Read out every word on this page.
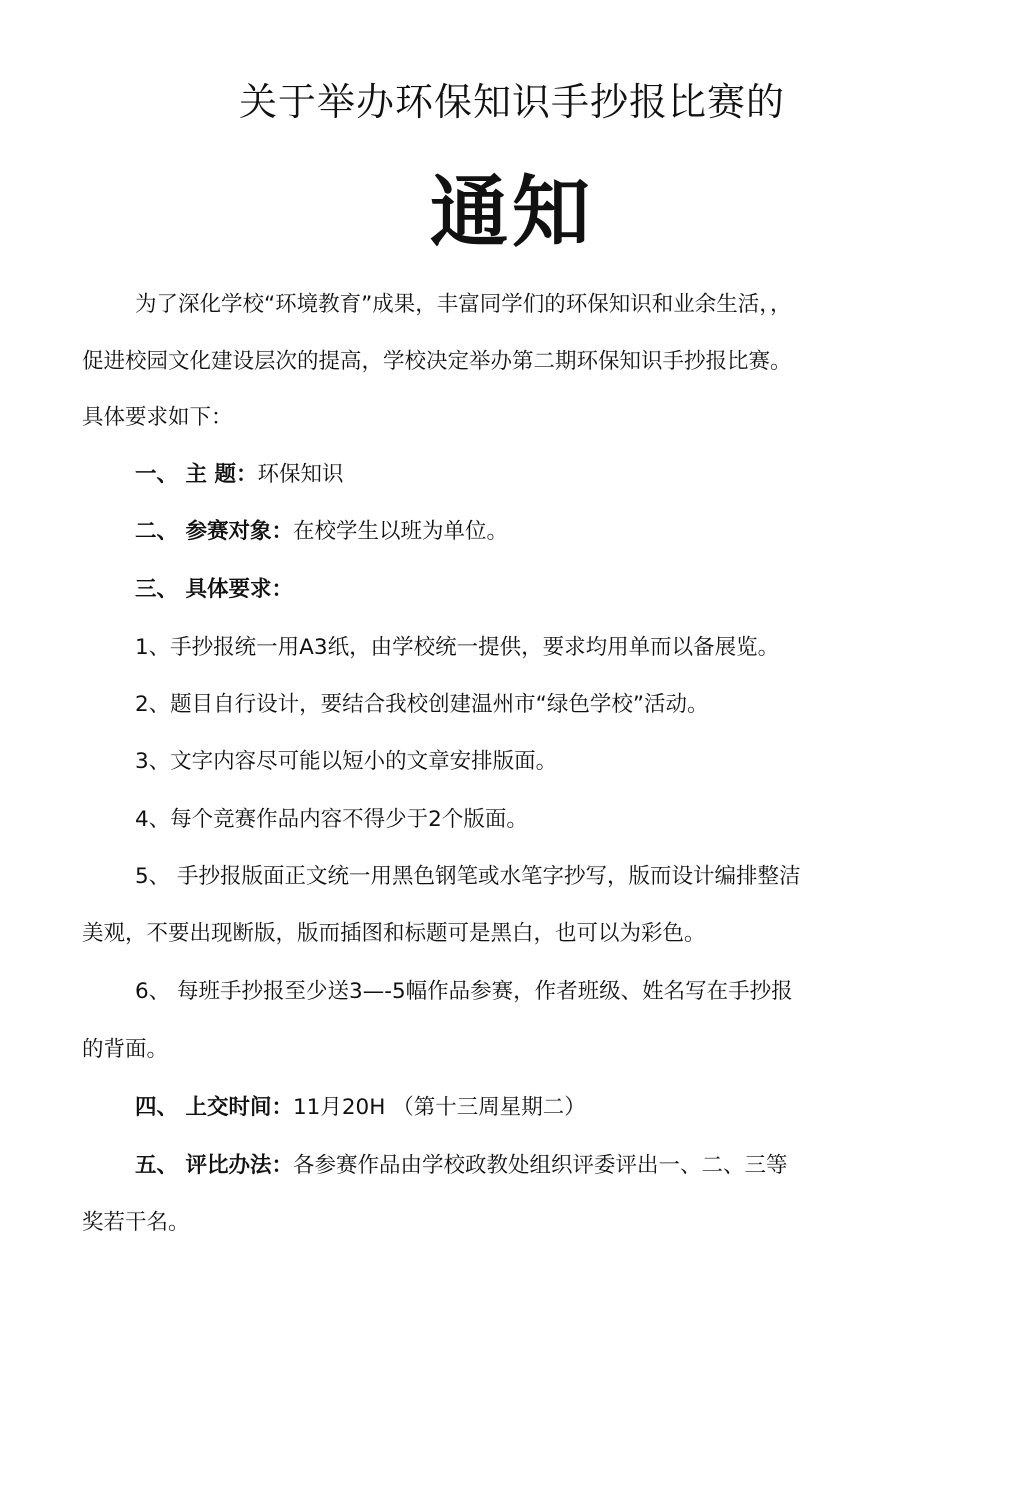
关于举办环保知识手抄报比赛的
通知

为了深化学校“环境教育”成果，丰富同学们的环保知识和业余生活，，

促进校园文化建设层次的提高，学校决定举办第二期环保知识手抄报比赛。

具体要求如下：

一、 主 题：环保知识

二、 参赛对象：在校学生以班为单位。

三、 具体要求：

1、手抄报统一用A3纸，由学校统一提供，要求均用单而以备展览。

2、题目自行设计，要结合我校创建温州市“绿色学校”活动。

3、文字内容尽可能以短小的文章安排版面。

4、每个竞赛作品内容不得少于2个版面。

5、 手抄报版面正文统一用黑色钢笔或水笔字抄写，版而设计编排整洁

美观，不要出现断版，版而插图和标题可是黑白，也可以为彩色。

6、 每班手抄报至少送3—-5幅作品参赛，作者班级、姓名写在手抄报

的背面。

四、 上交时间：11月20H （第十三周星期二）

五、 评比办法：各参赛作品由学校政教处组织评委评出一、二、三等

奖若干名。
